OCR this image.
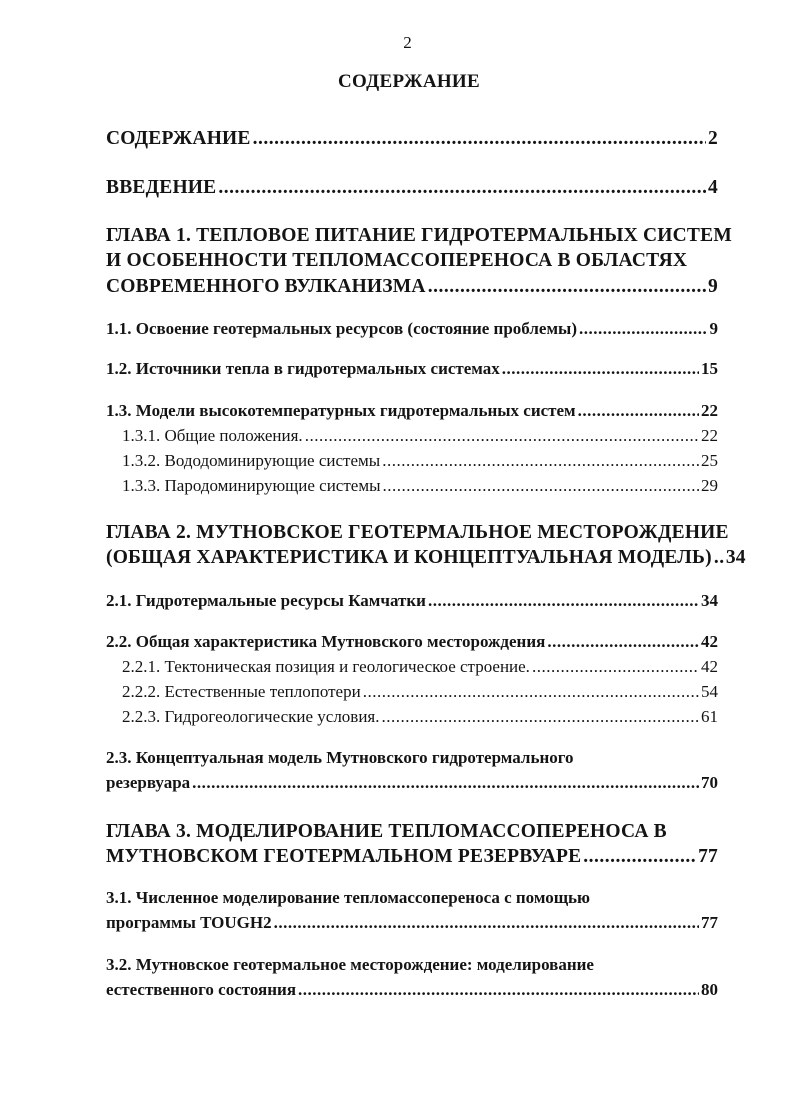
2
СОДЕРЖАНИЕ
СОДЕРЖАНИЕ .....	2
ВВЕДЕНИЕ .....	4
ГЛАВА 1. ТЕПЛОВОЕ ПИТАНИЕ ГИДРОТЕРМАЛЬНЫХ СИСТЕМ
И ОСОБЕННОСТИ ТЕПЛОМАССОПЕРЕНОСА В ОБЛАСТЯХ
СОВРЕМЕННОГО ВУЛКАНИЗМА .....	9
1.1. Освоение геотермальных ресурсов (состояние проблемы) .....	9
1.2. Источники тепла в гидротермальных системах .....	15
1.3. Модели высокотемпературных гидротермальных систем .....	22
1.3.1. Общие положения. .....	22
1.3.2. Вододоминирующие системы .....	25
1.3.3. Пародоминирующие системы .....	29
ГЛАВА 2. МУТНОВСКОЕ ГЕОТЕРМАЛЬНОЕ МЕСТОРОЖДЕНИЕ
(ОБЩАЯ ХАРАКТЕРИСТИКА И КОНЦЕПТУАЛЬНАЯ МОДЕЛЬ) ..... 34
2.1. Гидротермальные ресурсы Камчатки .....	34
2.2. Общая характеристика Мутновского месторождения .....	42
2.2.1. Тектоническая позиция и геологическое строение. .....	42
2.2.2. Естественные теплопотери .....	54
2.2.3. Гидрогеологические условия. .....	61
2.3. Концептуальная модель Мутновского гидротермального
резервуара .....	70
ГЛАВА 3. МОДЕЛИРОВАНИЕ ТЕПЛОМАССОПЕРЕНОСА В
МУТНОВСКОМ ГЕОТЕРМАЛЬНОМ РЕЗЕРВУАРЕ .....	77
3.1. Численное моделирование тепломассопереноса с помощью
программы TOUGH2 .....	77
3.2. Мутновское геотермальное месторождение: моделирование
естественного состояния .....	80
